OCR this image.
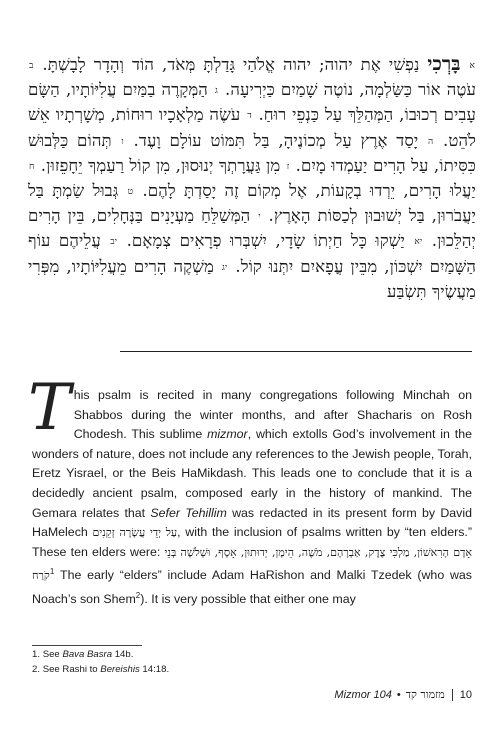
א בָּרְכִי נַפְשִׁי אֶת יהוה; יהוה אֱלֹהַי גָּדַלְתָּ מְּאֹד, הוֹד וְהָדָר לָבָשְׁתָּ. ב עֹטֶה אוֹר כַּשַּׂלְמָה, נוֹטֶה שָׁמַיִם כַּיְרִיעָה. ג הַמְּקָרֶה בַמַּיִם עֲלִיּוֹתָיו, הַשָּׂם עָבִים רְכוּבוֹ, הַמְּהַלֵּךְ עַל כַּנְפֵי רוּחַ. ד עֹשֶׂה מַלְאָכָיו רוּחוֹת, מְשָׁרְתָיו אֵשׁ לֹהֵט. ה יָסַד אֶרֶץ עַל מְכוֹנֶיהָ, בַּל תִּמּוֹט עוֹלָם וָעֶד. ו תְּהוֹם כַּלְּבוּשׁ כִּסִּיתוֹ, עַל הָרִים יַעַמְדוּ מָיִם. ז מִן גַּעֲרָתְךָ יְנוּסוּן, מִן קוֹל רַעַמְךָ יֵחָפֵזוּן. ח יַעֲלוּ הָרִים, יֵרְדוּ בְקָעוֹת, אֶל מְקוֹם זֶה יָסַדְתָּ לָהֶם. ט גְּבוּל שַׂמְתָּ בַּל יַעֲבֹרוּן, בַּל יְשׁוּבוּן לְכַסּוֹת הָאָרֶץ. י הַמְּשַׁלֵּחַ מַעְיָנִים בַּנְּחָלִים, בֵּין הָרִים יְהַלֵּכוּן. יא יַשְׁקוּ כָּל חַיְתוֹ שָׂדָי, יִשְׁבְּרוּ פְרָאִים צְמָאָם. יב עֲלֵיהֶם עוֹף הַשָּׁמַיִם יִשְׁכּוֹן, מִבֵּין עֳפָאיִם יִתְּנוּ קוֹל. יג מַשְׁקֶה הָרִים מֵעֲלִיּוֹתָיו, מִפְּרִי מַעֲשֶׂיךָ תִּשְׂבַּע
This psalm is recited in many congregations following Minchah on Shabbos during the winter months, and after Shacharis on Rosh Chodesh. This sublime mizmor, which extolls God’s involvement in the wonders of nature, does not include any references to the Jewish people, Torah, Eretz Yisrael, or the Beis HaMikdash. This leads one to conclude that it is a decidedly ancient psalm, composed early in the history of mankind. The Gemara relates that Sefer Tehillim was redacted in its present form by David HaMelech עַל יְדֵי עֲשָׂרָה זְקֵנִים, with the inclusion of psalms written by “ten elders.” These ten elders were: אָדָם הָרִאשׁוֹן, מַלְכִּי צֶדֶק, אַבְרָהָם, מֹשֶׁה, הֵימָן, יְדוּתוּן, אָסָף, וּשְׁלֹשָׁה בְּנֵי קֹרַח$^1$ The early “elders” include Adam HaRishon and Malki Tzedek (who was Noach’s son Shem$^2$). It is very possible that either one may
1. See Bava Basra 14b.
2. See Rashi to Bereishis 14:18.
Mizmor 104 • מזמור קד 10
